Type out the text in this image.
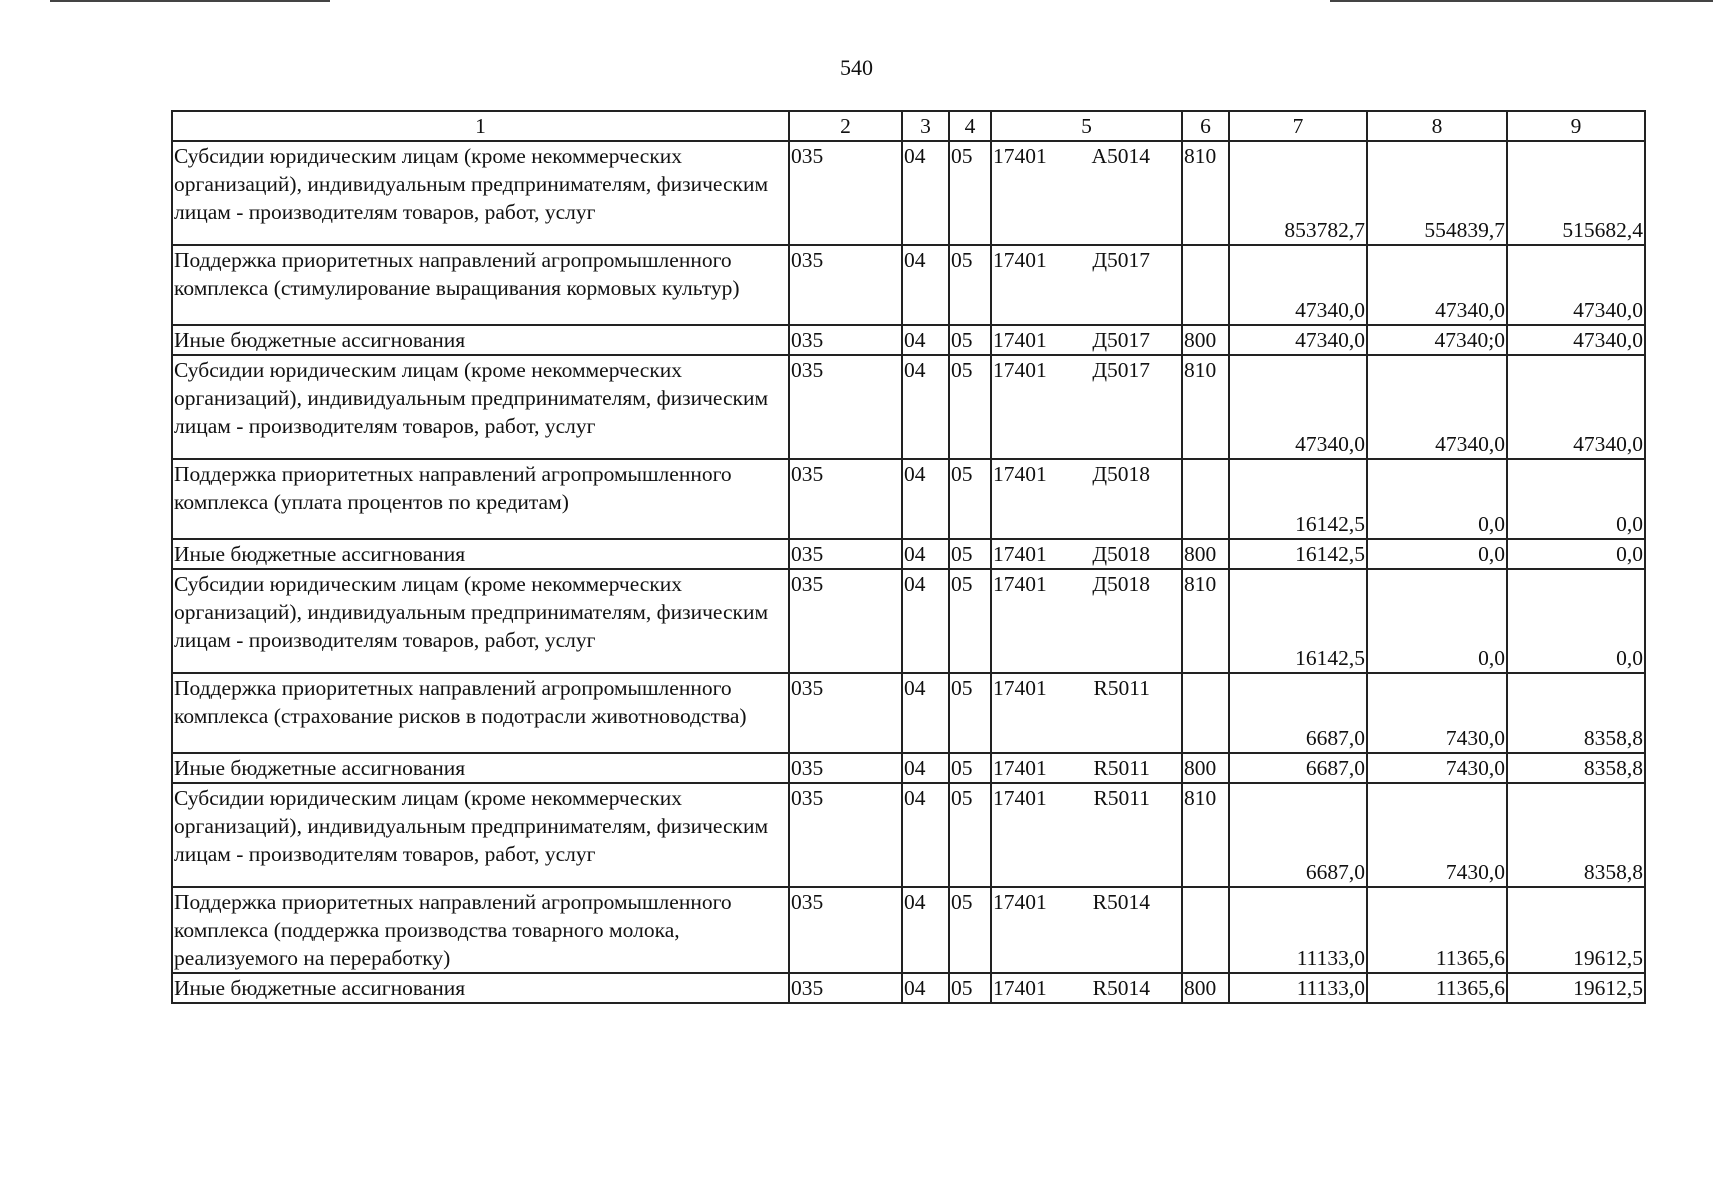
540
1	2	3	4	5	6	7	8	9
Субсидии юридическим лицам (кроме некоммерческих организаций), индивидуальным предпринимателям, физическим лицам - производителям товаров, работ, услуг	035	04	05	17401 А5014	810	853782,7	554839,7	515682,4
Поддержка приоритетных направлений агропромышленного комплекса (стимулирование выращивания кормовых культур)	035	04	05	17401 Д5017		47340,0	47340,0	47340,0
Иные бюджетные ассигнования	035	04	05	17401 Д5017	800	47340,0	47340;0	47340,0
Субсидии юридическим лицам (кроме некоммерческих организаций), индивидуальным предпринимателям, физическим лицам - производителям товаров, работ, услуг	035	04	05	17401 Д5017	810	47340,0	47340,0	47340,0
Поддержка приоритетных направлений агропромышленного комплекса (уплата процентов по кредитам)	035	04	05	17401 Д5018		16142,5	0,0	0,0
Иные бюджетные ассигнования	035	04	05	17401 Д5018	800	16142,5	0,0	0,0
Субсидии юридическим лицам (кроме некоммерческих организаций), индивидуальным предпринимателям, физическим лицам - производителям товаров, работ, услуг	035	04	05	17401 Д5018	810	16142,5	0,0	0,0
Поддержка приоритетных направлений агропромышленного комплекса (страхование рисков в подотрасли животноводства)	035	04	05	17401 R5011		6687,0	7430,0	8358,8
Иные бюджетные ассигнования	035	04	05	17401 R5011	800	6687,0	7430,0	8358,8
Субсидии юридическим лицам (кроме некоммерческих организаций), индивидуальным предпринимателям, физическим лицам - производителям товаров, работ, услуг	035	04	05	17401 R5011	810	6687,0	7430,0	8358,8
Поддержка приоритетных направлений агропромышленного комплекса (поддержка производства товарного молока, реализуемого на переработку)	035	04	05	17401 R5014		11133,0	11365,6	19612,5
Иные бюджетные ассигнования	035	04	05	17401 R5014	800	11133,0	11365,6	19612,5
